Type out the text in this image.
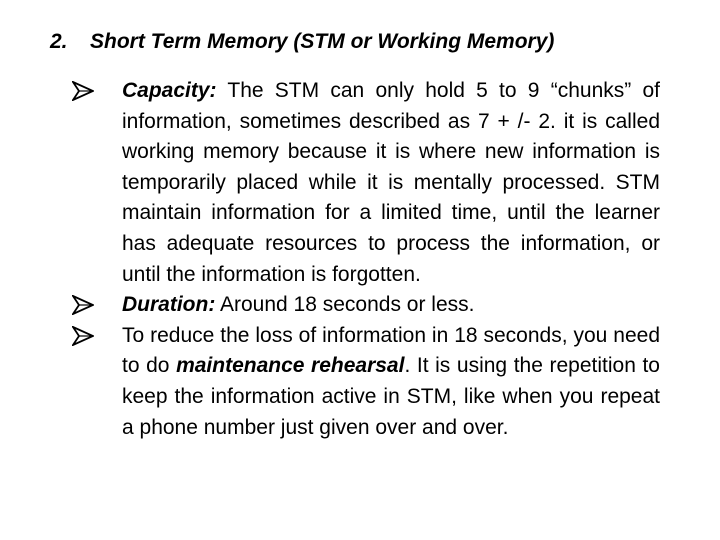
2. Short Term Memory (STM or Working Memory)
Capacity: The STM can only hold 5 to 9 “chunks” of information, sometimes described as 7 + /- 2. it is called working memory because it is where new information is temporarily placed while it is mentally processed. STM maintain information for a limited time, until the learner has adequate resources to process the information, or until the information is forgotten.
Duration: Around 18 seconds or less.
To reduce the loss of information in 18 seconds, you need to do maintenance rehearsal. It is using the repetition to keep the information active in STM, like when you repeat a phone number just given over and over.
